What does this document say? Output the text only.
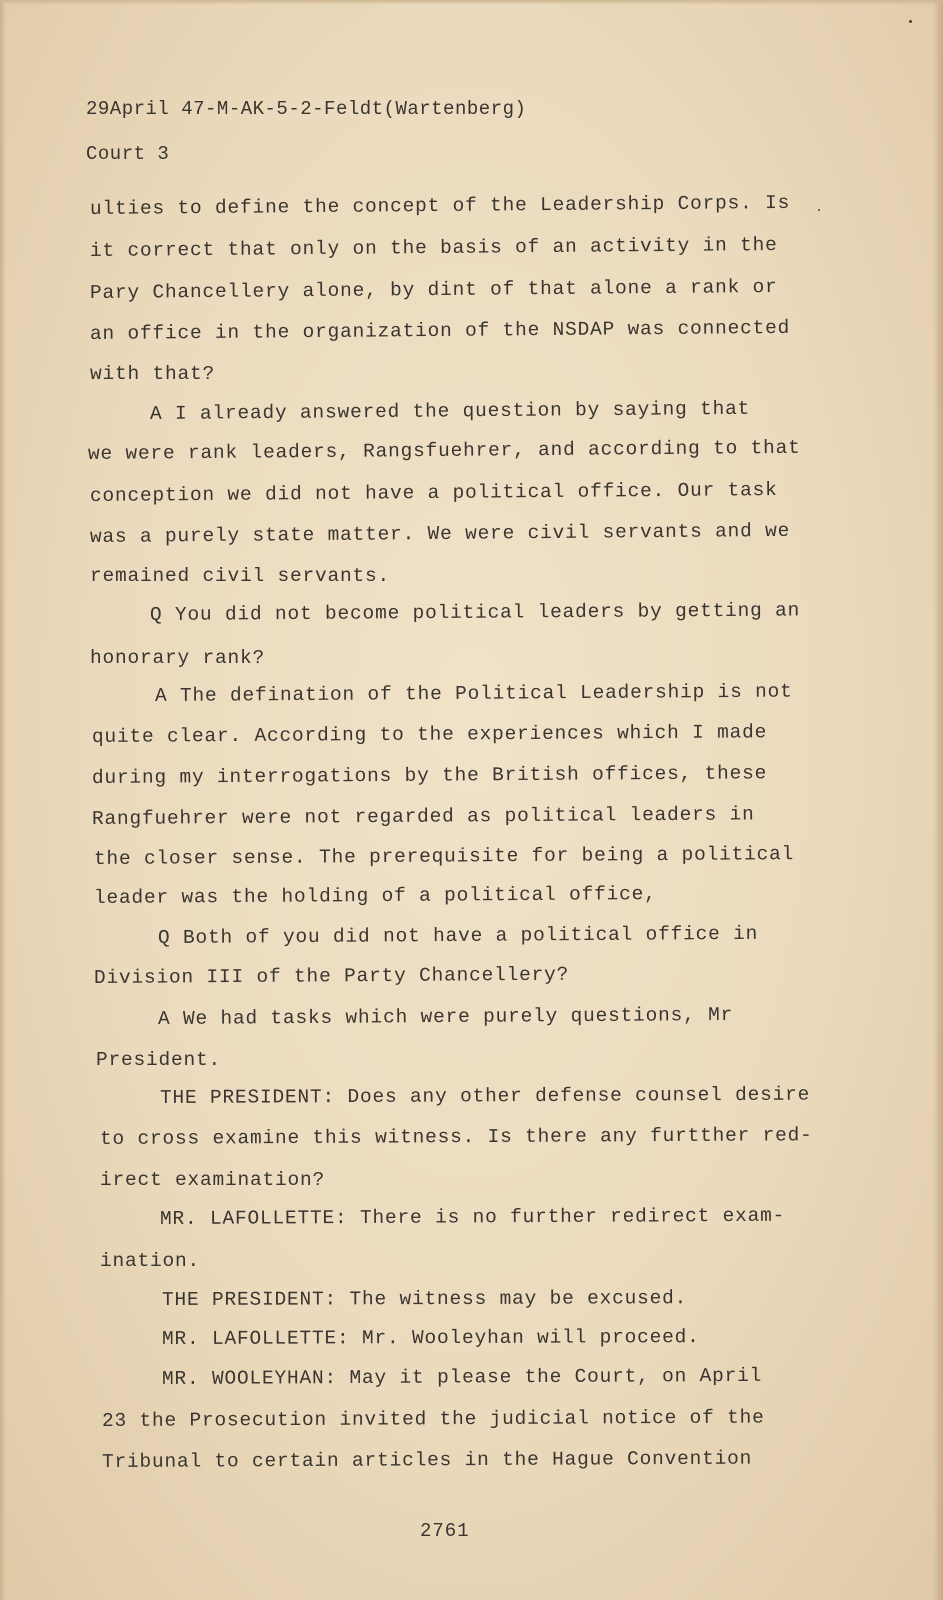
29April 47-M-AK-5-2-Feldt(Wartenberg)
Court 3
ulties to define the concept of the Leadership Corps. Is
it correct that only on the basis of an activity in the
Pary Chancellery alone, by dint of that alone a rank or
an office in the organization of the NSDAP was connected
with that?
A I already answered the question by saying that
we were rank leaders, Rangsfuehrer, and according to that
conception we did not have a political office. Our task
was a purely state matter. We were civil servants and we
remained civil servants.
Q You did not become political leaders by getting an
honorary rank?
A The defination of the Political Leadership is not
quite clear. According to the experiences which I made
during my interrogations by the British offices, these
Rangfuehrer were not regarded as political leaders in
the closer sense. The prerequisite for being a political
leader was the holding of a political office,
Q Both of you did not have a political office in
Division III of the Party Chancellery?
A We had tasks which were purely questions, Mr
President.
THE PRESIDENT: Does any other defense counsel desire
to cross examine this witness. Is there any furtther red-
irect examination?
MR. LAFOLLETTE: There is no further redirect exam-
ination.
THE PRESIDENT: The witness may be excused.
MR. LAFOLLETTE: Mr. Wooleyhan will proceed.
MR. WOOLEYHAN: May it please the Court, on April
23 the Prosecution invited the judicial notice of the
Tribunal to certain articles in the Hague Convention
2761
